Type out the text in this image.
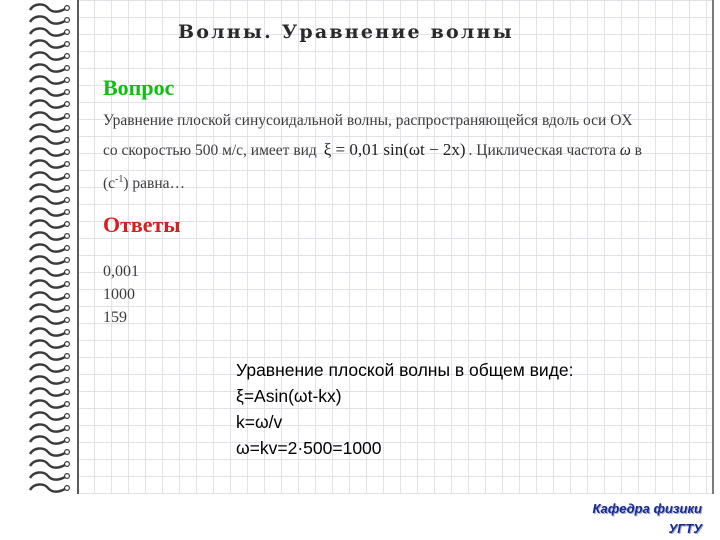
Волны. Уравнение волны
Вопрос
Уравнение плоской синусоидальной волны, распространяющейся вдоль оси OX
со скоростью 500 м/с, имеет вид ξ = 0,01 sin(ωt − 2x) . Циклическая частота ω в
$(с^{-1})$ равна…
Ответы
0,001
1000
159
Уравнение плоской волны в общем виде:
ξ=Asin(ωt-kx)
k=ω/v
ω=kv=2·500=1000
Кафедра физики
УГТУ
